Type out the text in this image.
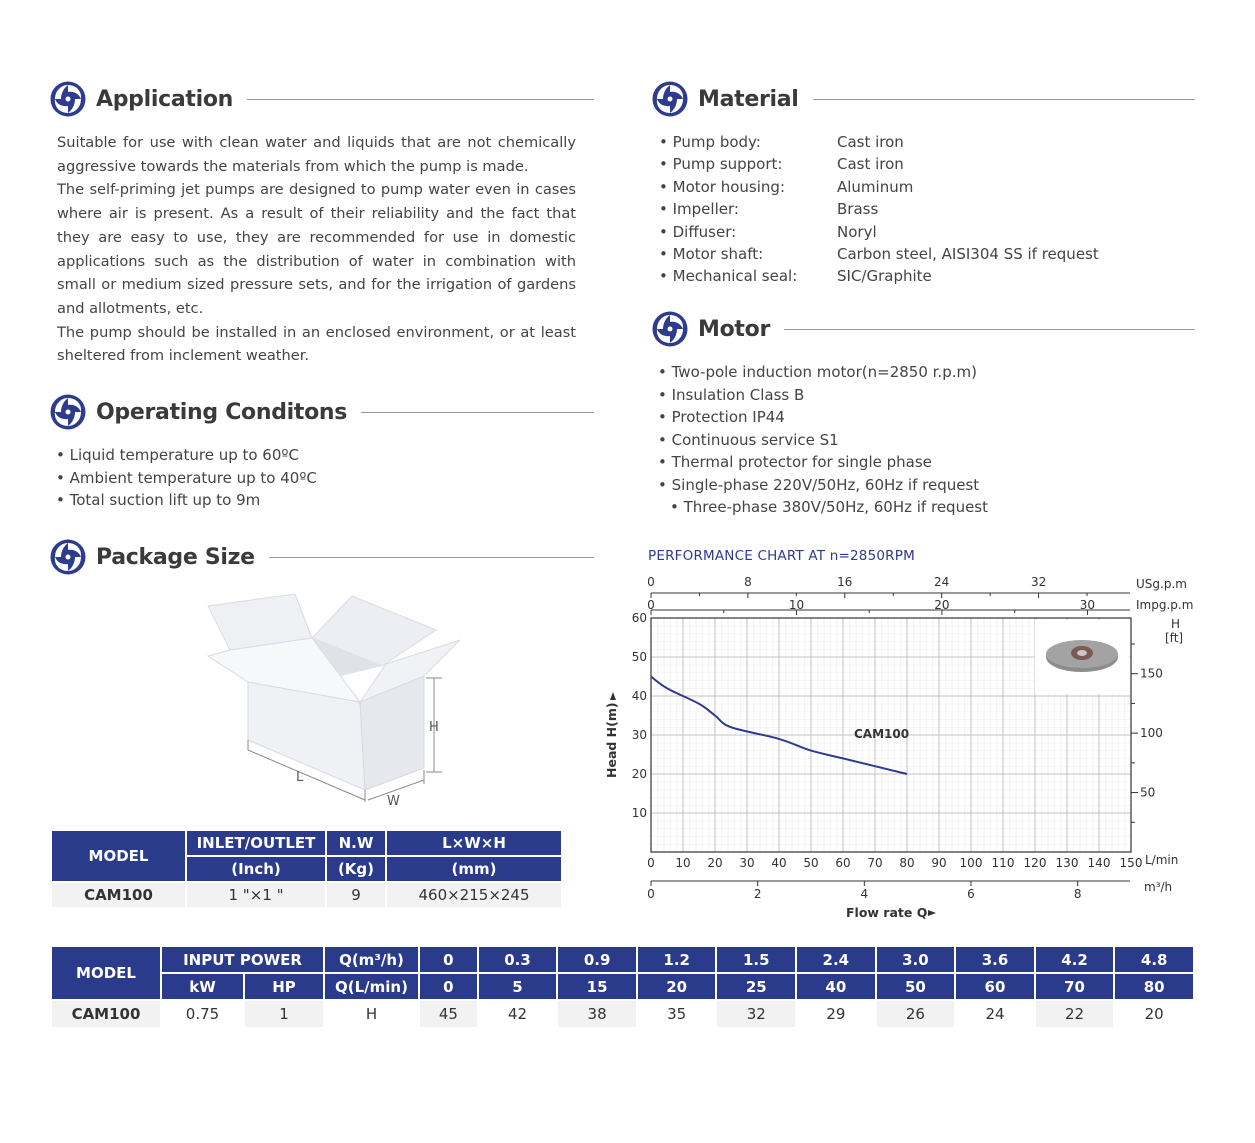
Application

Suitable for use with clean water and liquids that are not chemically aggressive towards the materials from which the pump is made.

The self-priming jet pumps are designed to pump water even in cases where air is present. As a result of their reliability and the fact that they are easy to use, they are recommended for use in domestic applications such as the distribution of water in combination with small or medium sized pressure sets, and for the irrigation of gardens and allotments, etc.

The pump should be installed in an enclosed environment, or at least sheltered from inclement weather.

Operating Conditons
• Liquid temperature up to 60ºC
• Ambient temperature up to 40ºC
• Total suction lift up to 9m
Package Size
H
L
W
MODEL	INLET/OUTLET	N.W	L×W×H
	(Inch)	(Kg)	(mm)
CAM100	1 "×1 "	9	460×215×245
Material
• Pump body:	Cast iron
• Pump support:	Cast iron
• Motor housing:	Aluminum
• Impeller:	Brass
• Diffuser:	Noryl
• Motor shaft:	Carbon steel, AISI304 SS if request
• Mechanical seal:	SIC/Graphite
Motor
• Two-pole induction motor(n=2850 r.p.m)
• Insulation Class B
• Protection IP44
• Continuous service S1
• Thermal protector for single phase
• Single-phase 220V/50Hz, 60Hz if request
• Three-phase 380V/50Hz, 60Hz if request
PERFORMANCE CHART AT n=2850RPM
0	8	16	24	32
0	10	20	30
USg.p.m
Impg.p.m
50
100
150
H
[ft]
10
20
30
40
50
60
0 10 20 30 40 50 60 70 80 90 100 110 120 130 140 150 L/min
0	2	4	6	8	m³/h
Flow rate Q
Head H(m)	CAM100
MODEL	INPUT POWER		Q(m³/h)	0	0.3	0.9	1.2	1.5	2.4	3.0	3.6	4.2	4.8
	kW	HP	Q(L/min)	0	5	15	20	25	40	50	60	70	80
CAM100	0.75	1	H	45	42	38	35	32	29	26	24	22	20
